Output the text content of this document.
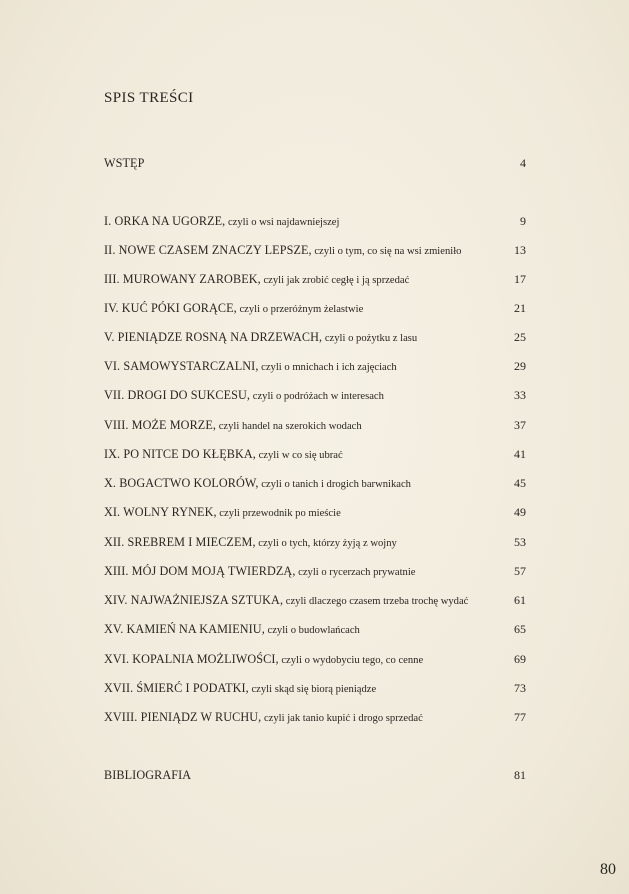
SPIS TREŚCI
WSTĘP	4
I. ORKA NA UGORZE, czyli o wsi najdawniejszej	9
II. NOWE CZASEM ZNACZY LEPSZE, czyli o tym, co się na wsi zmieniło	13
III. MUROWANY ZAROBEK, czyli jak zrobić cegłę i ją sprzedać	17
IV. KUĆ PÓKI GORĄCE, czyli o przeróżnym żelastwie	21
V. PIENIĄDZE ROSNĄ NA DRZEWACH, czyli o pożytku z lasu	25
VI. SAMOWYSTARCZALNI, czyli o mnichach i ich zajęciach	29
VII. DROGI DO SUKCESU, czyli o podróżach w interesach	33
VIII. MOŻE MORZE, czyli handel na szerokich wodach	37
IX. PO NITCE DO KŁĘBKA, czyli w co się ubrać	41
X. BOGACTWO KOLORÓW, czyli o tanich i drogich barwnikach	45
XI. WOLNY RYNEK, czyli przewodnik po mieście	49
XII. SREBREM I MIECZEM, czyli o tych, którzy żyją z wojny	53
XIII. MÓJ DOM MOJĄ TWIERDZĄ, czyli o rycerzach prywatnie	57
XIV. NAJWAŻNIEJSZA SZTUKA, czyli dlaczego czasem trzeba trochę wydać	61
XV. KAMIEŃ NA KAMIENIU, czyli o budowlańcach	65
XVI. KOPALNIA MOŻLIWOŚCI, czyli o wydobyciu tego, co cenne	69
XVII. ŚMIERĆ I PODATKI, czyli skąd się biorą pieniądze	73
XVIII. PIENIĄDZ W RUCHU, czyli jak tanio kupić i drogo sprzedać	77
BIBLIOGRAFIA	81
80
